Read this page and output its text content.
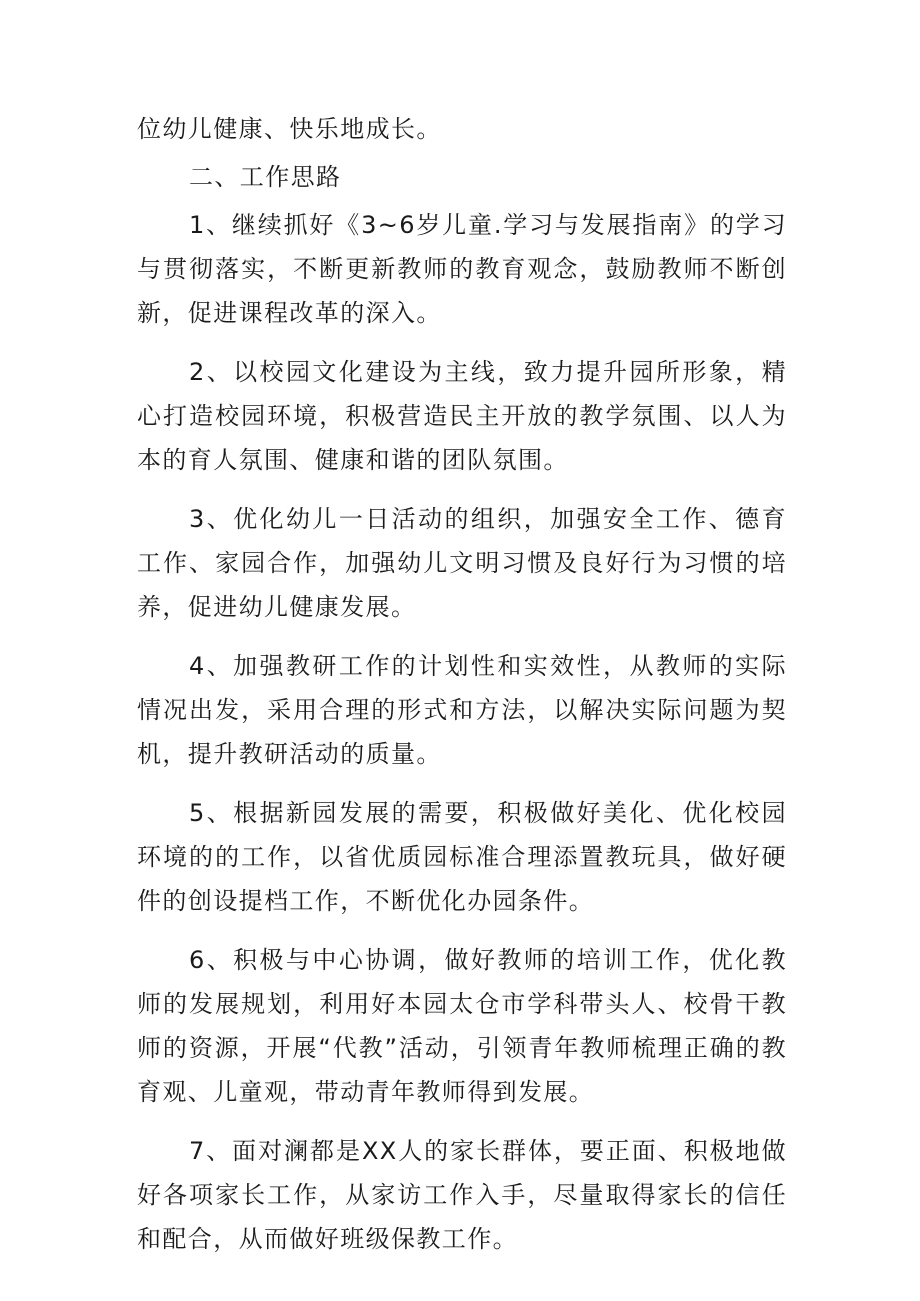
位幼儿健康、快乐地成长。

二、工作思路

1、继续抓好《3~6岁儿童.学习与发展指南》的学习与贯彻落实，不断更新教师的教育观念，鼓励教师不断创新，促进课程改革的深入。

2、以校园文化建设为主线，致力提升园所形象，精心打造校园环境，积极营造民主开放的教学氛围、以人为本的育人氛围、健康和谐的团队氛围。

3、优化幼儿一日活动的组织，加强安全工作、德育工作、家园合作，加强幼儿文明习惯及良好行为习惯的培养，促进幼儿健康发展。

4、加强教研工作的计划性和实效性，从教师的实际情况出发，采用合理的形式和方法，以解决实际问题为契机，提升教研活动的质量。

5、根据新园发展的需要，积极做好美化、优化校园环境的的工作，以省优质园标准合理添置教玩具，做好硬件的创设提档工作，不断优化办园条件。

6、积极与中心协调，做好教师的培训工作，优化教师的发展规划，利用好本园太仓市学科带头人、校骨干教师的资源，开展“代教”活动，引领青年教师梳理正确的教育观、儿童观，带动青年教师得到发展。

7、面对澜都是XX人的家长群体，要正面、积极地做好各项家长工作，从家访工作入手，尽量取得家长的信任和配合，从而做好班级保教工作。
